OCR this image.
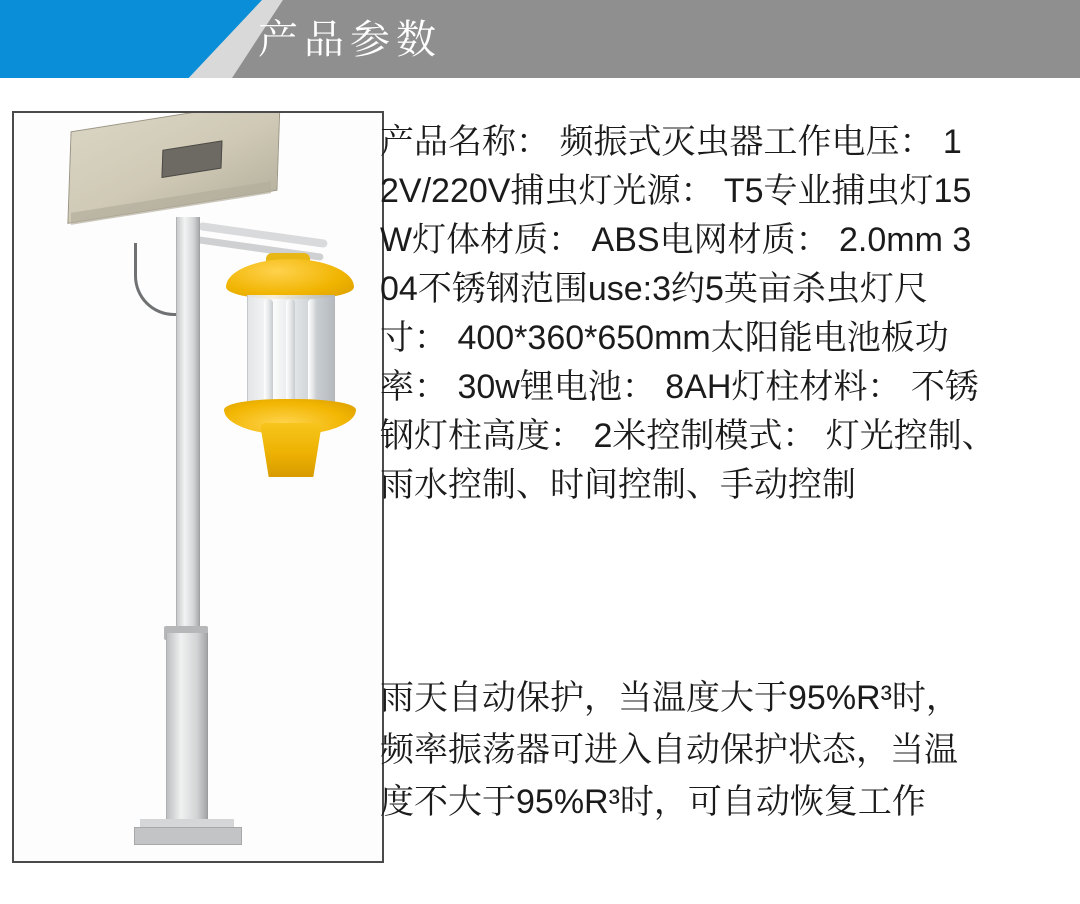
产品参数
产品名称： 频振式灭虫器工作电压： 1
2V/220V捕虫灯光源： T5专业捕虫灯15
W灯体材质： ABS电网材质： 2.0mm 3
04不锈钢范围use:3约5英亩杀虫灯尺
寸： 400*360*650mm太阳能电池板功
率： 30w锂电池： 8AH灯柱材料： 不锈
钢灯柱高度： 2米控制模式： 灯光控制、
雨水控制、时间控制、手动控制
雨天自动保护，当温度大于95%R³时，
频率振荡器可进入自动保护状态，当温
度不大于95%R³时，可自动恢复工作
